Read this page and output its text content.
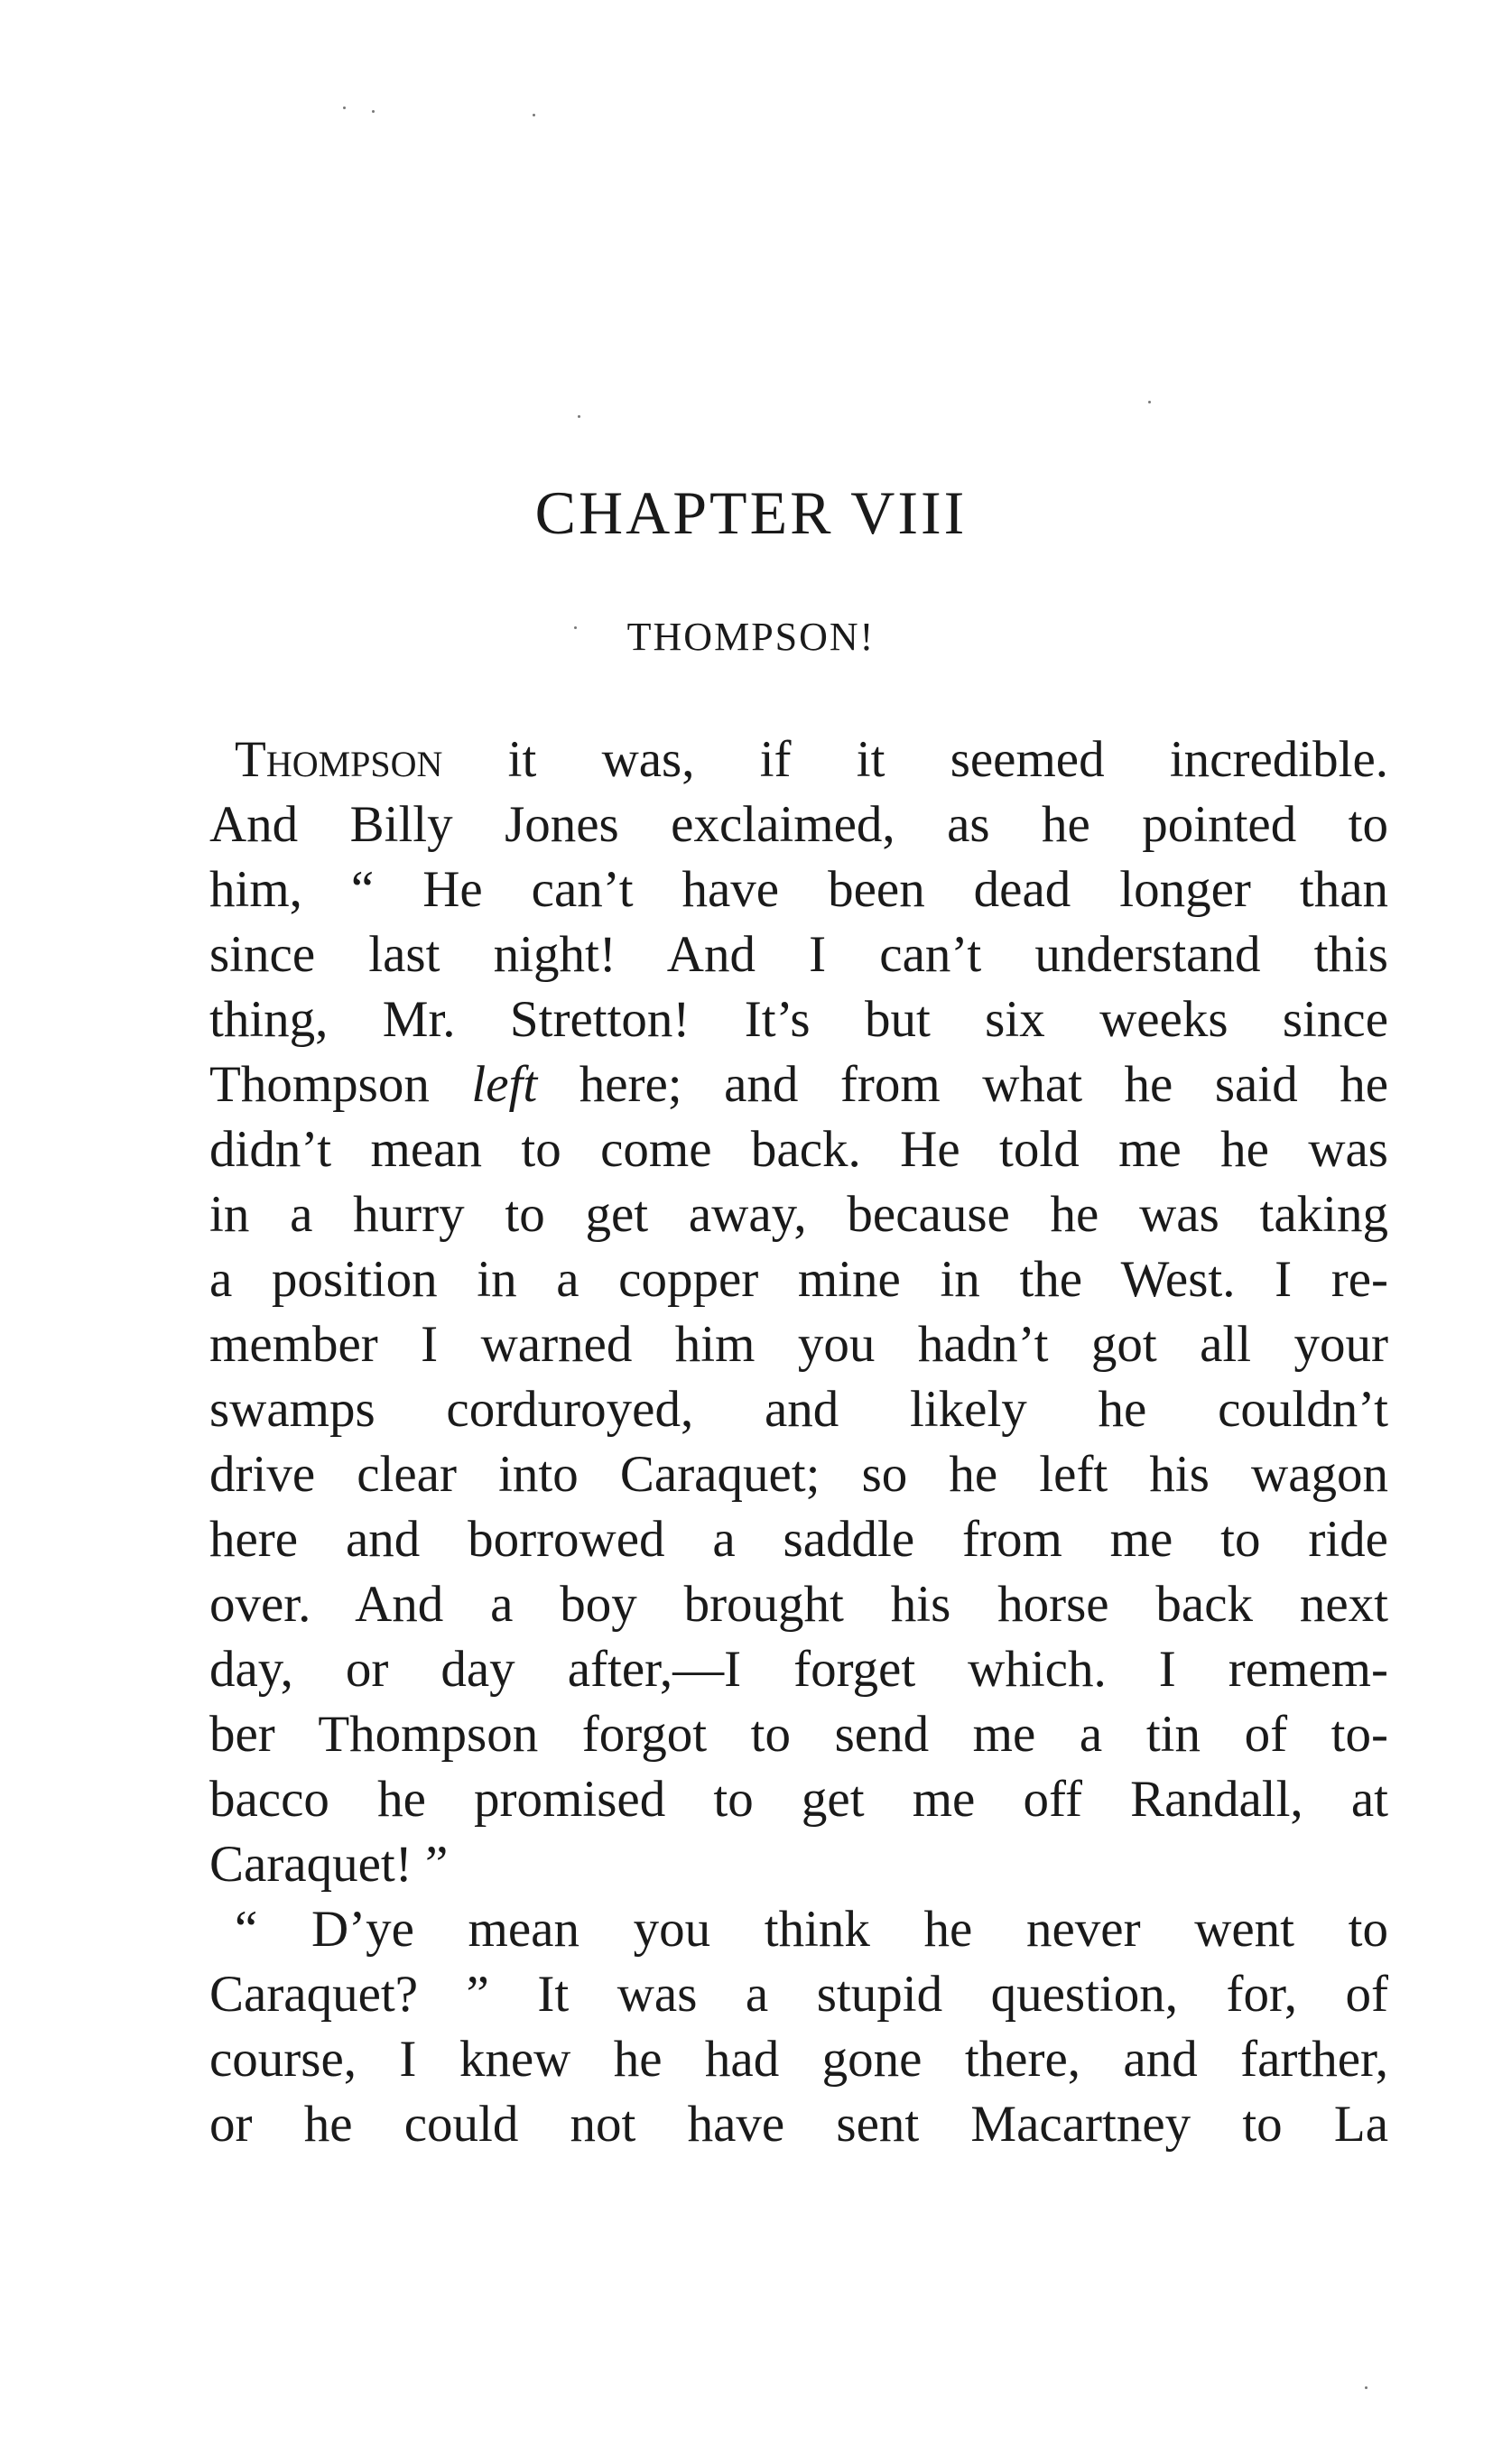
CHAPTER VIII
THOMPSON!
Thompson it was, if it seemed incredible.
And Billy Jones exclaimed, as he pointed to
him, “ He can’t have been dead longer than
since last night! And I can’t understand this
thing, Mr. Stretton! It’s but six weeks since
Thompson left here; and from what he said he
didn’t mean to come back. He told me he was
in a hurry to get away, because he was taking
a position in a copper mine in the West. I re-
member I warned him you hadn’t got all your
swamps corduroyed, and likely he couldn’t
drive clear into Caraquet; so he left his wagon
here and borrowed a saddle from me to ride
over. And a boy brought his horse back next
day, or day after,—I forget which. I remem-
ber Thompson forgot to send me a tin of to-
bacco he promised to get me off Randall, at
Caraquet! ”
“ D’ye mean you think he never went to
Caraquet? ” It was a stupid question, for, of
course, I knew he had gone there, and farther,
or he could not have sent Macartney to La
